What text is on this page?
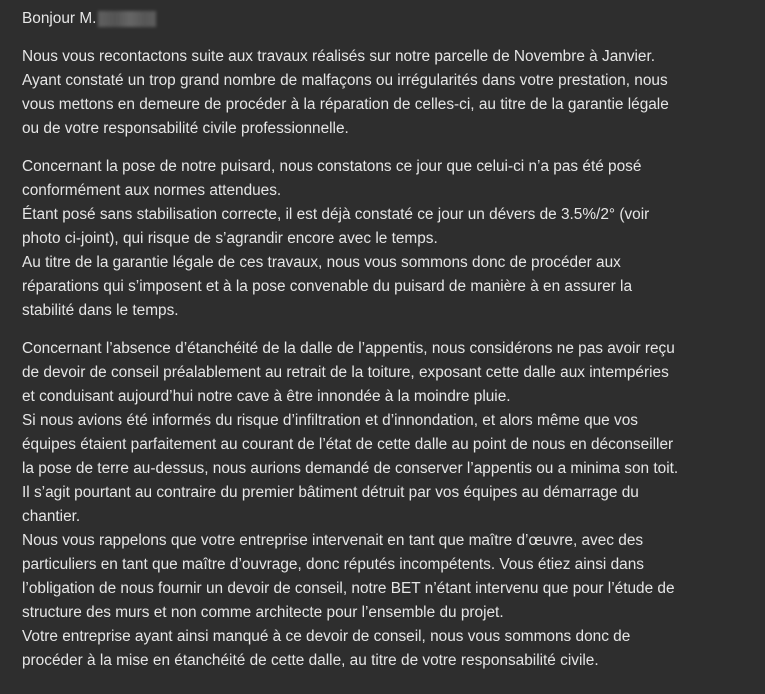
Bonjour M.
Nous vous recontactons suite aux travaux réalisés sur notre parcelle de Novembre à Janvier.
Ayant constaté un trop grand nombre de malfaçons ou irrégularités dans votre prestation, nous
vous mettons en demeure de procéder à la réparation de celles-ci, au titre de la garantie légale
ou de votre responsabilité civile professionnelle.
Concernant la pose de notre puisard, nous constatons ce jour que celui-ci n’a pas été posé
conformément aux normes attendues.
Étant posé sans stabilisation correcte, il est déjà constaté ce jour un dévers de 3.5%/2° (voir
photo ci-joint), qui risque de s’agrandir encore avec le temps.
Au titre de la garantie légale de ces travaux, nous vous sommons donc de procéder aux
réparations qui s’imposent et à la pose convenable du puisard de manière à en assurer la
stabilité dans le temps.
Concernant l’absence d’étanchéité de la dalle de l’appentis, nous considérons ne pas avoir reçu
de devoir de conseil préalablement au retrait de la toiture, exposant cette dalle aux intempéries
et conduisant aujourd’hui notre cave à être innondée à la moindre pluie.
Si nous avions été informés du risque d’infiltration et d’innondation, et alors même que vos
équipes étaient parfaitement au courant de l’état de cette dalle au point de nous en déconseiller
la pose de terre au-dessus, nous aurions demandé de conserver l’appentis ou a minima son toit.
Il s’agit pourtant au contraire du premier bâtiment détruit par vos équipes au démarrage du
chantier.
Nous vous rappelons que votre entreprise intervenait en tant que maître d’œuvre, avec des
particuliers en tant que maître d’ouvrage, donc réputés incompétents. Vous étiez ainsi dans
l’obligation de nous fournir un devoir de conseil, notre BET n’étant intervenu que pour l’étude de
structure des murs et non comme architecte pour l’ensemble du projet.
Votre entreprise ayant ainsi manqué à ce devoir de conseil, nous vous sommons donc de
procéder à la mise en étanchéité de cette dalle, au titre de votre responsabilité civile.
